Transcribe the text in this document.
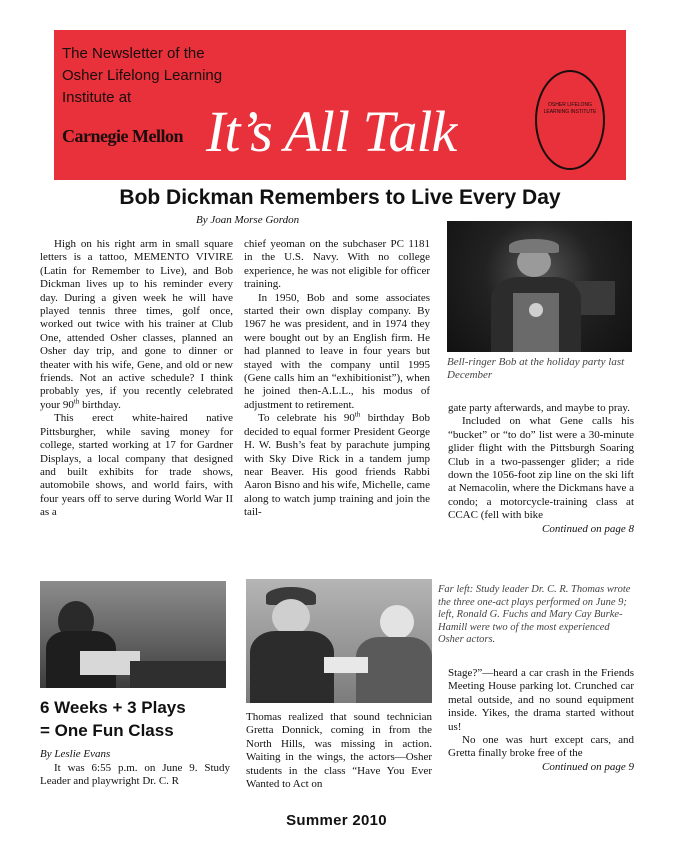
The Newsletter of the
Osher Lifelong Learning
Institute at
Carnegie Mellon It’s All Talk	OSHER LIFELONG LEARNING INSTITUTE
Bob Dickman Remembers to Live Every Day
By Joan Morse Gordon

High on his right arm in small square letters is a tattoo, MEMENTO VIVIRE (Latin for Remember to Live), and Bob Dickman lives up to his reminder every day. During a given week he will have played tennis three times, golf once, worked out twice with his trainer at Club One, attended Osher classes, planned an Osher day trip, and gone to dinner or theater with his wife, Gene, and old or new friends. Not an active schedule? I think probably yes, if you recently celebrated your 90th birthday.

This erect white-haired native Pittsburgher, while saving money for college, started working at 17 for Gardner Displays, a local company that designed and built exhibits for trade shows, automobile shows, and world fairs, with four years off to serve during World War II as a

chief yeoman on the subchaser PC 1181 in the U.S. Navy. With no college experience, he was not eligible for officer training.

In 1950, Bob and some associates started their own display company. By 1967 he was president, and in 1974 they were bought out by an English firm. He had planned to leave in four years but stayed with the company until 1995 (Gene calls him an “exhibitionist”), when he joined then-A.L.L., his modus of adjustment to retirement.

To celebrate his 90th birthday Bob decided to equal former President George H. W. Bush’s feat by parachute jumping with Sky Dive Rick in a tandem jump near Beaver. His good friends Rabbi Aaron Bisno and his wife, Michelle, came along to watch jump training and join the tail-

Bell-ringer Bob at the holiday party last December

gate party afterwards, and maybe to pray.

Included on what Gene calls his “bucket” or “to do” list were a 30-minute glider flight with the Pittsburgh Soaring Club in a two-passenger glider; a ride down the 1056-foot zip line on the ski lift at Nemacolin, where the Dickmans have a condo; a motorcycle-training class at CCAC (fell with bike

Continued on page 8

6 Weeks + 3 Plays
= One Fun Class
By Leslie Evans

It was 6:55 p.m. on June 9. Study Leader and playwright Dr. C. R

Thomas realized that sound technician Gretta Donnick, coming in from the North Hills, was missing in action. Waiting in the wings, the actors—Osher students in the class “Have You Ever Wanted to Act on

Far left: Study leader Dr. C. R. Thomas wrote the three one-act plays performed on June 9; left, Ronald G. Fuchs and Mary Cay Burke-Hamill were two of the most experienced Osher actors.

Stage?”—heard a car crash in the Friends Meeting House parking lot. Crunched car metal outside, and no sound equipment inside. Yikes, the drama started without us!

No one was hurt except cars, and Gretta finally broke free of the

Continued on page 9

Summer 2010
